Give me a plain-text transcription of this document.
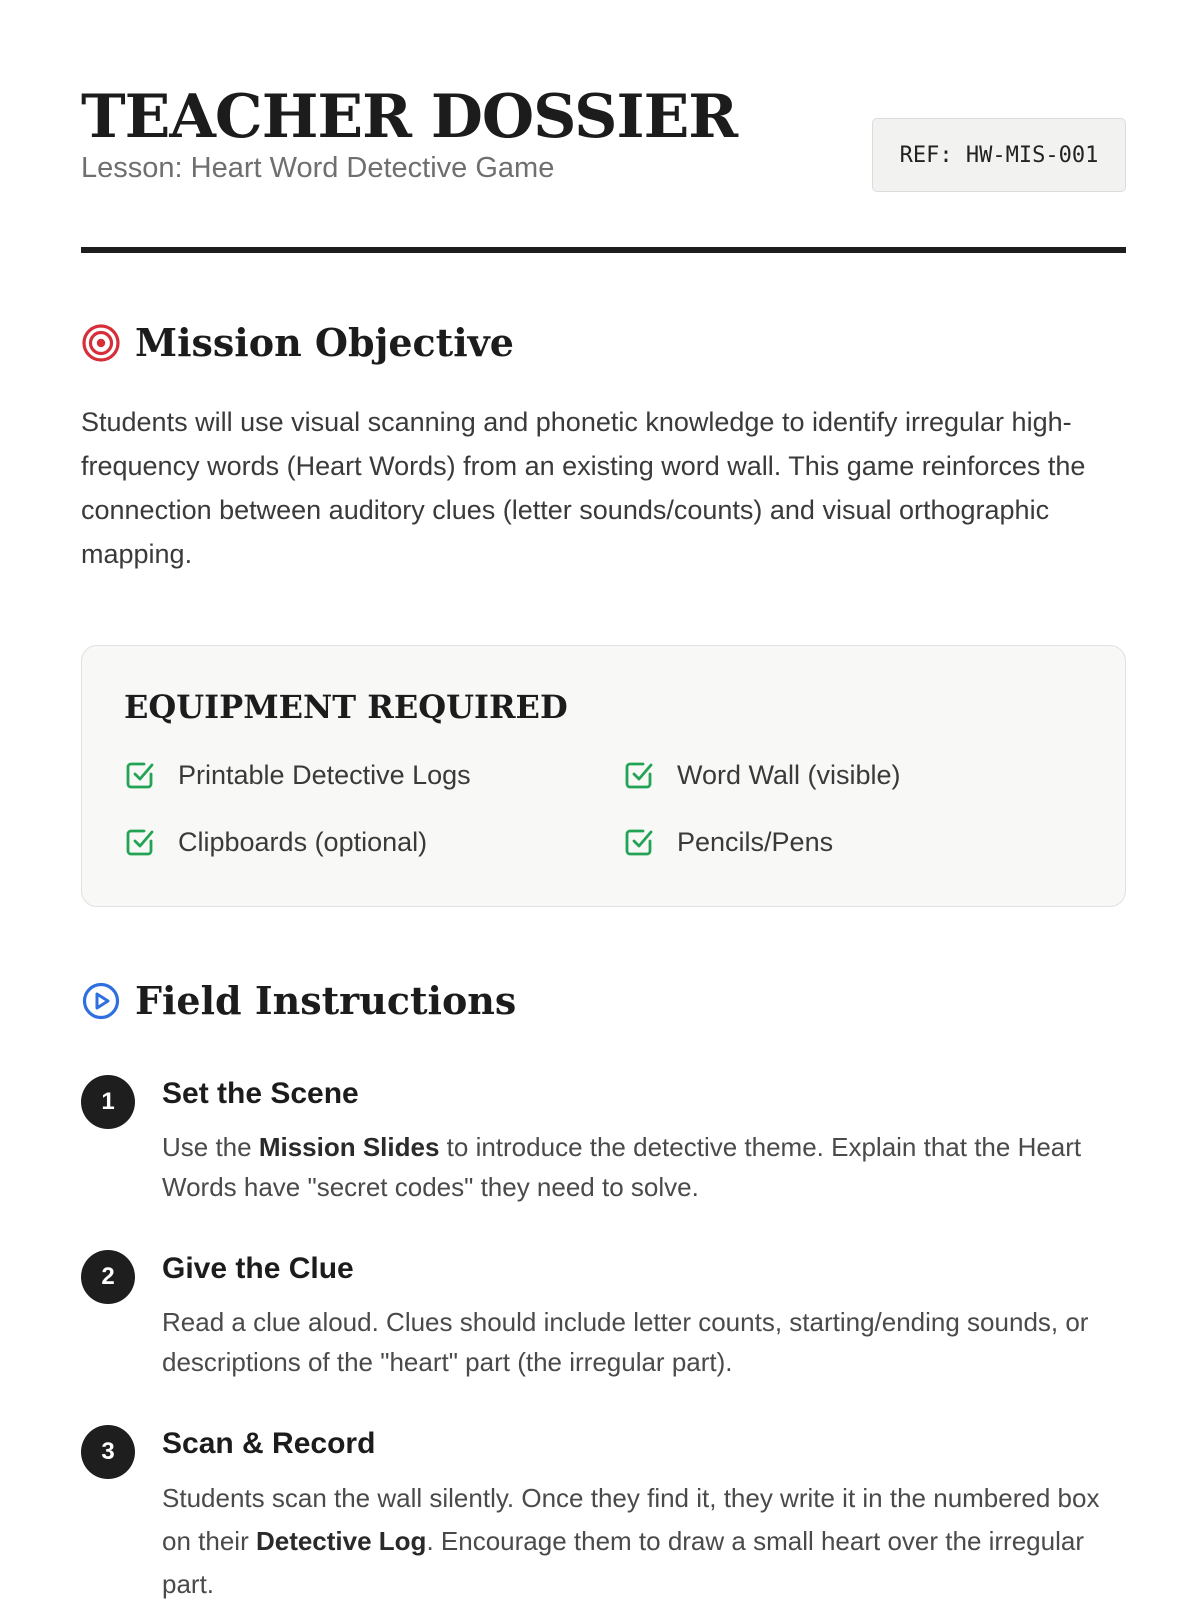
TEACHER DOSSIER
Lesson: Heart Word Detective Game	REF: HW-MIS-001
Mission Objective

Students will use visual scanning and phonetic knowledge to identify irregular high-frequency words (Heart Words) from an existing word wall. This game reinforces the connection between auditory clues (letter sounds/counts) and visual orthographic mapping.

EQUIPMENT REQUIRED
Printable Detective Logs	Word Wall (visible)
Clipboards (optional)	Pencils/Pens
Field Instructions
1	Set the Scene

Use the Mission Slides to introduce the detective theme. Explain that the Heart Words have "secret codes" they need to solve.

2	Give the Clue

Read a clue aloud. Clues should include letter counts, starting/ending sounds, or descriptions of the "heart" part (the irregular part).

3	Scan & Record

Students scan the wall silently. Once they find it, they write it in the numbered box on their Detective Log. Encourage them to draw a small heart over the irregular part.
